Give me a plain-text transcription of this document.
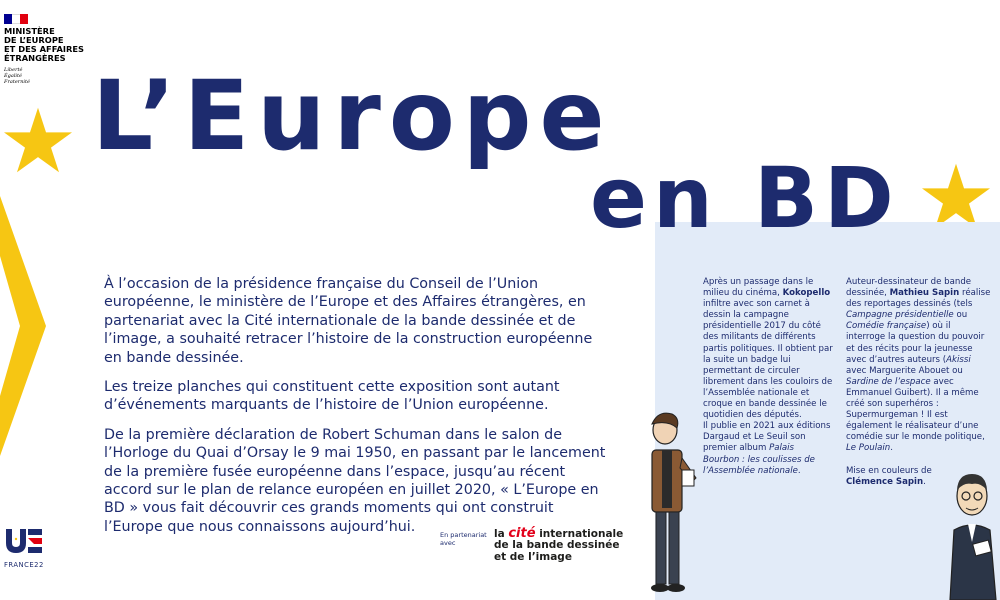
MINISTÈRE
DE L’EUROPE
ET DES AFFAIRES
ÉTRANGÈRES
Liberté
Égalité
Fraternité L’Europe
en BD

À l’occasion de la présidence française du Conseil de l’Union européenne, le ministère de l’Europe et des Affaires étrangères, en partenariat avec la Cité internationale de la bande dessinée et de l’image, a souhaité retracer l’histoire de la construction européenne en bande dessinée.

Les treize planches qui constituent cette exposition sont autant d’événements marquants de l’histoire de l’Union européenne.

De la première déclaration de Robert Schuman dans le salon de l’Horloge du Quai d’Orsay le 9 mai 1950, en passant par le lancement de la première fusée européenne dans l’espace, jusqu’au récent accord sur le plan de relance européen en juillet 2020, « L’Europe en BD » vous fait découvrir ces grands moments qui ont construit l’Europe que nous connaissons aujourd’hui.

Après un passage dans le milieu du cinéma, Kokopello infiltre avec son carnet à dessin la campagne présidentielle 2017 du côté des militants de différents partis politiques. Il obtient par la suite un badge lui permettant de circuler librement dans les couloirs de l’Assemblée nationale et croque en bande dessinée le quotidien des députés.
Il publie en 2021 aux éditions Dargaud et Le Seuil son premier album Palais Bourbon : les coulisses de l’Assemblée nationale.

Auteur-dessinateur de bande dessinée, Mathieu Sapin réalise des reportages dessinés (tels Campagne présidentielle ou Comédie française) où il interroge la question du pouvoir et des récits pour la jeunesse avec d’autres auteurs (Akissi avec Marguerite Abouet ou Sardine de l’espace avec Emmanuel Guibert). Il a même créé son superhéros : Supermurgeman ! Il est également le réalisateur d’une comédie sur le monde politique, Le Poulain.

Mise en couleurs de
Clémence Sapin.

En partenariat
avec
la cité internationale
de la bande dessinée
et de l’image
FRANCE22
